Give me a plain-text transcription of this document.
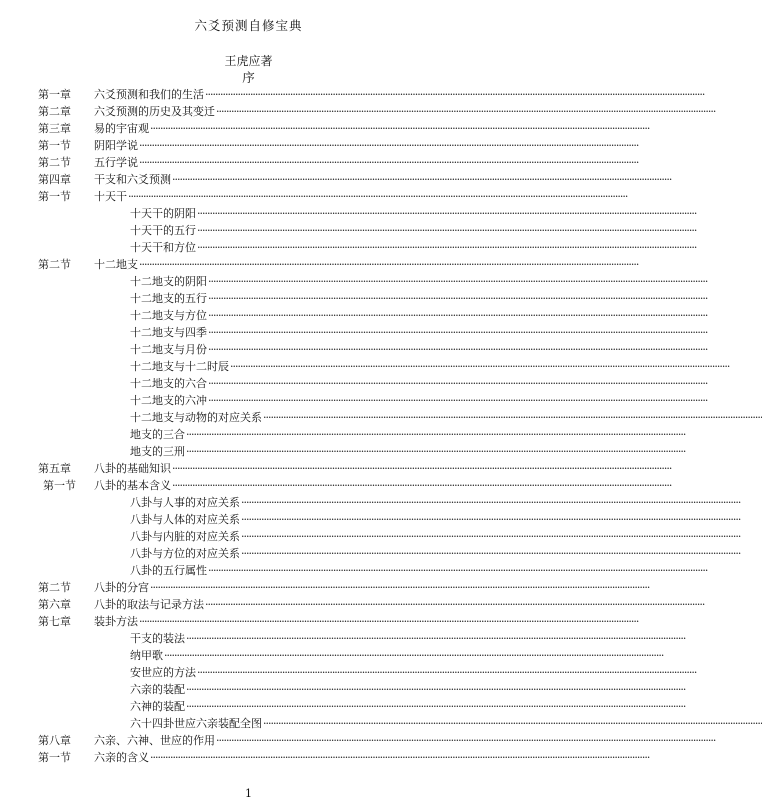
六爻预测自修宝典
王虎应著
序
第一章 六爻预测和我们的生活 ········································································································································································································
第二章 六爻预测的历史及其变迁 ········································································································································································································
第三章 易的宇宙观 ········································································································································································································
第一节 阴阳学说 ········································································································································································································
第二节 五行学说 ········································································································································································································
第四章 干支和六爻预测 ········································································································································································································
第一节 十天干 ········································································································································································································
十天干的阴阳 ········································································································································································································
十天干的五行 ········································································································································································································
十天干和方位 ········································································································································································································
第二节 十二地支 ········································································································································································································
十二地支的阴阳 ········································································································································································································
十二地支的五行 ········································································································································································································
十二地支与方位 ········································································································································································································
十二地支与四季 ········································································································································································································
十二地支与月份 ········································································································································································································
十二地支与十二时辰 ········································································································································································································
十二地支的六合 ········································································································································································································
十二地支的六冲 ········································································································································································································
十二地支与动物的对应关系 ········································································································································································································
地支的三合 ········································································································································································································
地支的三刑 ········································································································································································································
第五章 八卦的基础知识 ········································································································································································································
第一节 八卦的基本含义 ········································································································································································································
八卦与人事的对应关系 ········································································································································································································
八卦与人体的对应关系 ········································································································································································································
八卦与内脏的对应关系 ········································································································································································································
八卦与方位的对应关系 ········································································································································································································
八卦的五行属性 ········································································································································································································
第二节 八卦的分宫 ········································································································································································································
第六章 八卦的取法与记录方法 ········································································································································································································
第七章 装卦方法 ········································································································································································································
干支的装法 ········································································································································································································
纳甲歌 ········································································································································································································
安世应的方法 ········································································································································································································
六亲的装配 ········································································································································································································
六神的装配 ········································································································································································································
六十四卦世应六亲装配全图 ········································································································································································································
第八章 六亲、六神、世应的作用 ········································································································································································································
第一节 六亲的含义 ········································································································································································································
1
